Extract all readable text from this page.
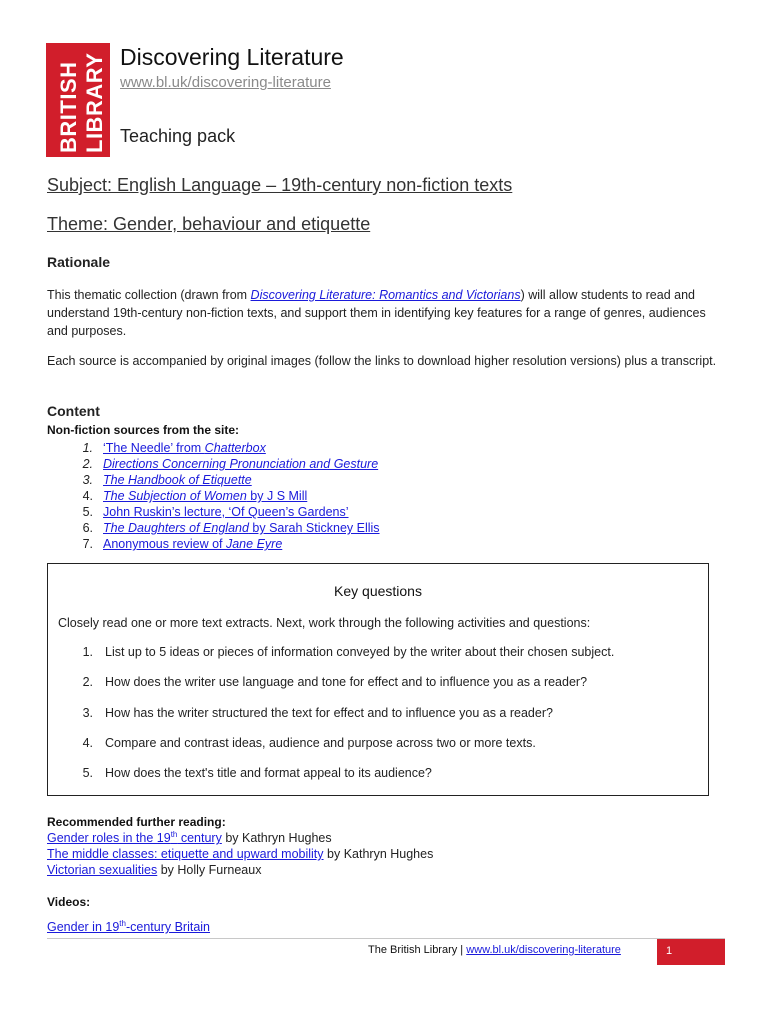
BRITISH LIBRARY Discovering Literature
www.bl.uk/discovering-literature
Teaching pack
Subject: English Language – 19th-century non-fiction texts
Theme: Gender, behaviour and etiquette
Rationale
This thematic collection (drawn from Discovering Literature: Romantics and Victorians) will allow students to read and understand 19th-century non-fiction texts, and support them in identifying key features for a range of genres, audiences and purposes.
Each source is accompanied by original images (follow the links to download higher resolution versions) plus a transcript.
Content
Non-fiction sources from the site:
1. ‘The Needle’ from Chatterbox
2. Directions Concerning Pronunciation and Gesture
3. The Handbook of Etiquette
4. The Subjection of Women by J S Mill
5. John Ruskin’s lecture, ‘Of Queen’s Gardens’
6. The Daughters of England by Sarah Stickney Ellis
7. Anonymous review of Jane Eyre
Key questions
Closely read one or more text extracts. Next, work through the following activities and questions:
1. List up to 5 ideas or pieces of information conveyed by the writer about their chosen subject.
2. How does the writer use language and tone for effect and to influence you as a reader?
3. How has the writer structured the text for effect and to influence you as a reader?
4. Compare and contrast ideas, audience and purpose across two or more texts.
5. How does the text's title and format appeal to its audience?
Recommended further reading:
Gender roles in the 19th century by Kathryn Hughes
The middle classes: etiquette and upward mobility by Kathryn Hughes
Victorian sexualities by Holly Furneaux
Videos:
Gender in 19th-century Britain
The British Library | www.bl.uk/discovering-literature	1
